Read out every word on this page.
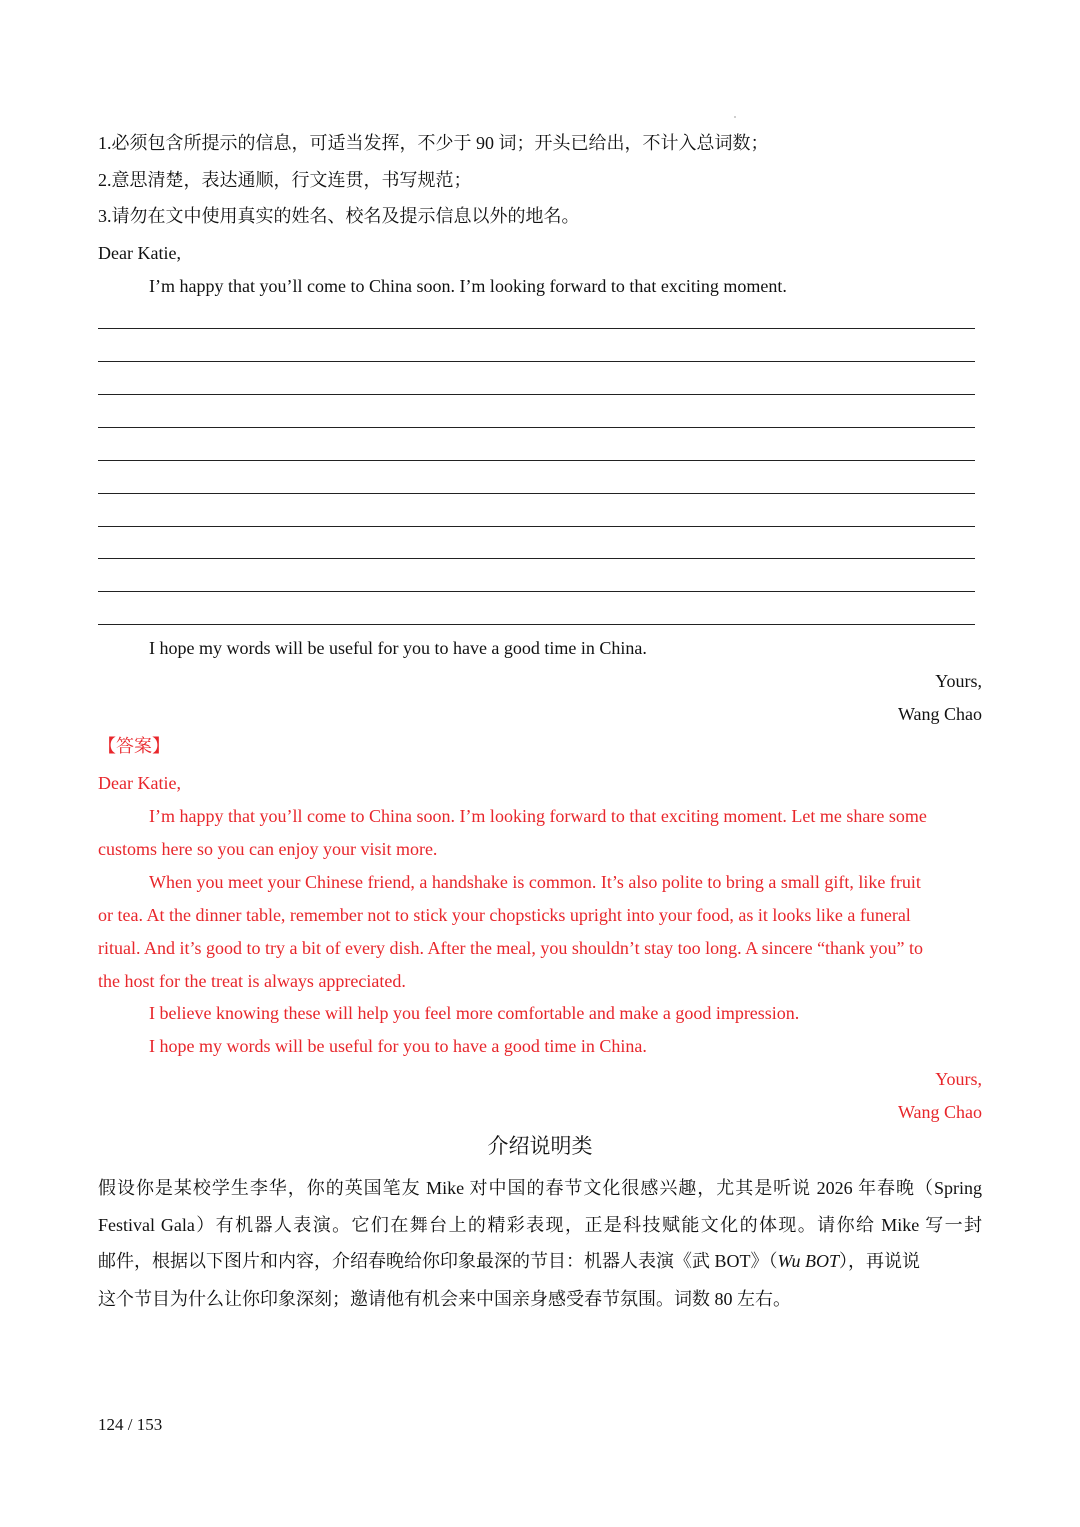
1.必须包含所提示的信息，可适当发挥，不少于 90 词；开头已给出，不计入总词数；
2.意思清楚，表达通顺，行文连贯，书写规范；
3.请勿在文中使用真实的姓名、校名及提示信息以外的地名。
Dear Katie,
I’m happy that you’ll come to China soon. I’m looking forward to that exciting moment.
I hope my words will be useful for you to have a good time in China.
Yours,
Wang Chao
【答案】
Dear Katie,
I’m happy that you’ll come to China soon. I’m looking forward to that exciting moment. Let me share some
customs here so you can enjoy your visit more.
When you meet your Chinese friend, a handshake is common. It’s also polite to bring a small gift, like fruit
or tea. At the dinner table, remember not to stick your chopsticks upright into your food, as it looks like a funeral
ritual. And it’s good to try a bit of every dish. After the meal, you shouldn’t stay too long. A sincere “thank you” to
the host for the treat is always appreciated.
I believe knowing these will help you feel more comfortable and make a good impression.
I hope my words will be useful for you to have a good time in China.
Yours,
Wang Chao
介绍说明类
假设你是某校学生李华，你的英国笔友 Mike 对中国的春节文化很感兴趣，尤其是听说 2026 年春晚（Spring
Festival Gala）有机器人表演。它们在舞台上的精彩表现，正是科技赋能文化的体现。请你给 Mike 写一封
邮件，根据以下图片和内容，介绍春晚给你印象最深的节目：机器人表演《武 BOT》（Wu BOT），再说说
这个节目为什么让你印象深刻；邀请他有机会来中国亲身感受春节氛围。词数 80 左右。
124 / 153
